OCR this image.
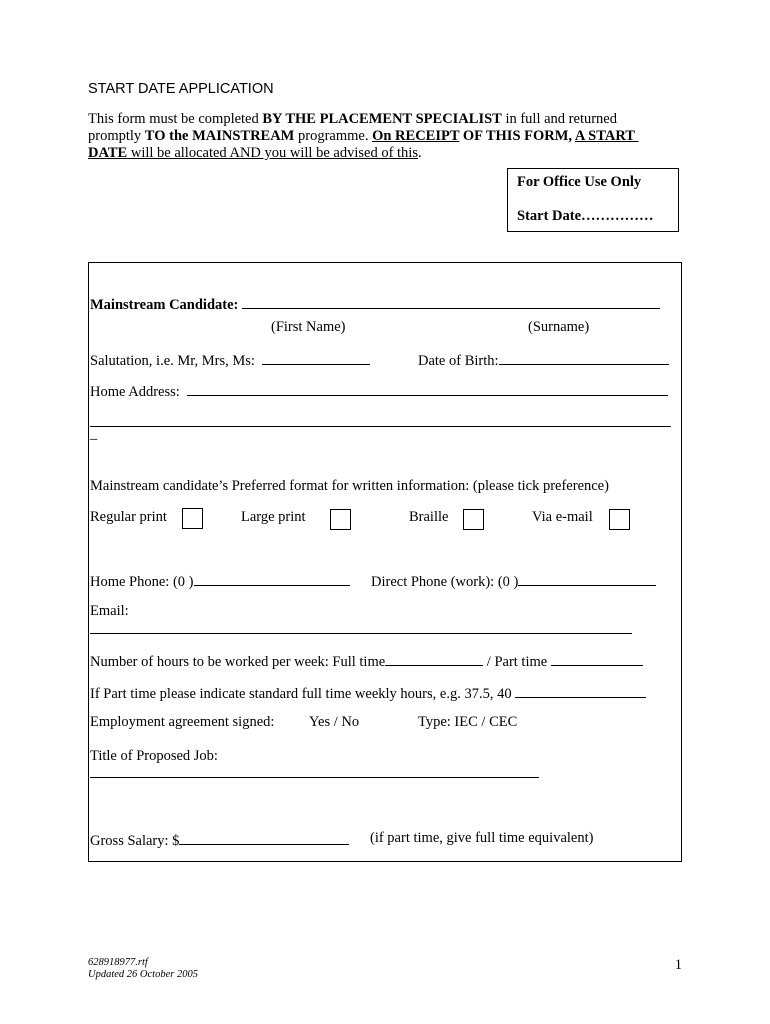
START DATE APPLICATION
This form must be completed BY THE PLACEMENT SPECIALIST in full and returned
promptly TO the MAINSTREAM programme. On RECEIPT OF THIS FORM, A START
DATE will be allocated AND you will be advised of this.
For Office Use Only
Start Date……………
Mainstream Candidate:
(First Name)	(Surname)
Salutation, i.e. Mr, Mrs, Ms:	Date of Birth:
Home Address:
_
Mainstream candidate’s Preferred format for written information: (please tick preference)
Regular print	Large print	Braille	Via e-mail
Home Phone: (0 )	Direct Phone (work): (0 )
Email:
Number of hours to be worked per week: Full time	/ Part time
If Part time please indicate standard full time weekly hours, e.g. 37.5, 40
Employment agreement signed: Yes / No	Type: IEC / CEC
Title of Proposed Job:
Gross Salary: $	(if part time, give full time equivalent)
628918977.rtf
Updated 26 October 2005
1
